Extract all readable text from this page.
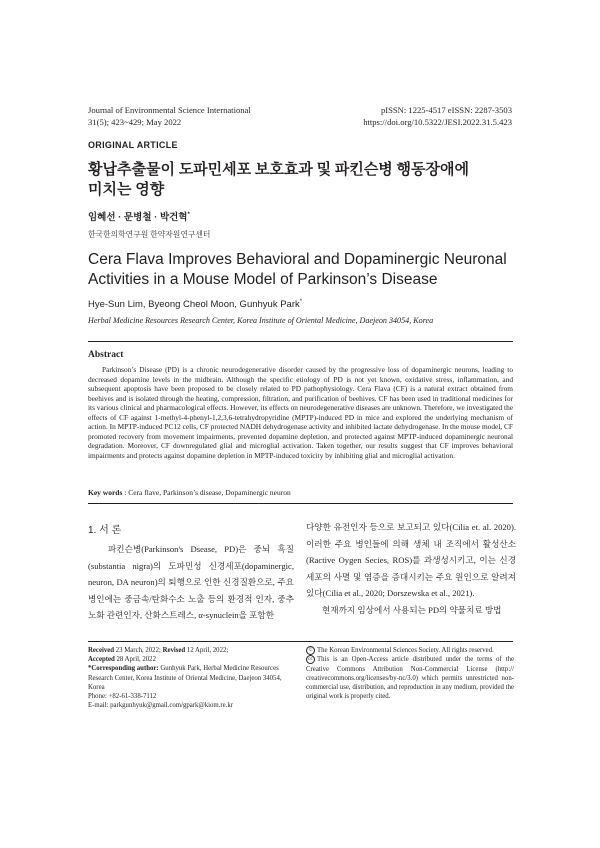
Journal of Environmental Science International
31(5); 423~429; May 2022
pISSN: 1225-4517 eISSN: 2287-3503
https://doi.org/10.5322/JESI.2022.31.5.423
ORIGINAL ARTICLE
황납추출물이 도파민세포 보호효과 및 파킨슨병 행동장애에
미치는 영향
임혜선 · 문병철 · 박건혁*
한국한의학연구원 한약자원연구센터
Cera Flava Improves Behavioral and Dopaminergic Neuronal
Activities in a Mouse Model of Parkinson’s Disease
Hye-Sun Lim, Byeong Cheol Moon, Gunhyuk Park*
Herbal Medicine Resources Research Center, Korea Institute of Oriental Medicine, Daejeon 34054, Korea
Abstract
Parkinson’s Disease (PD) is a chronic neurodegenerative disorder caused by the progressive loss of dopaminergic neurons, leading to decreased dopamine levels in the midbrain. Although the specific etiology of PD is not yet known, oxidative stress, inflammation, and subsequent apoptosis have been proposed to be closely related to PD pathophysiology. Cera Flava (CF) is a natural extract obtained from beehives and is isolated through the heating, compression, filtration, and purification of beehives. CF has been used in traditional medicines for its various clinical and pharmacological effects. However, its effects on neurodegenerative diseases are unknown. Therefore, we investigated the effects of CF against 1-methyl-4-phenyl-1,2,3,6-tetrahydropyridine (MPTP)-induced PD in mice and explored the underlying mechanism of action. In MPTP-induced PC12 cells, CF protected NADH dehydrogenase activity and inhibited lactate dehydrogenase. In the mouse model, CF promoted recovery from movement impairments, prevented dopamine depletion, and protected against MPTP-induced dopaminergic neuronal degradation. Moreover, CF downregulated glial and microglial activation. Taken together, our results suggest that CF improves behavioral impairments and protects against dopamine depletion in MPTP-induced toxicity by inhibiting glial and microglial activation.
Key words : Cera flave, Parkinson’s disease, Dopaminergic neuron
1. 서 론
파킨슨병(Parkinson's Dsease, PD)은 중뇌 흑질(substantia nigra)의 도파민성 신경세포(dopaminergic, neuron, DA neuron)의 퇴행으로 인한 신경질환으로, 주요 병인에는 중금속/탄화수소 노출 등의 환경적 인자, 중추 노화 관련인자, 산화스트레스, α-synuclein을 포함한
다양한 유전인자 등으로 보고되고 있다(Cilia et. al. 2020). 이러한 주요 병인들에 의해 생체 내 조직에서 활성산소(Ractive Oygen Secies, ROS)를 과생성시키고, 이는 신경세포의 사멸 및 염증을 증대시키는 주요 원인으로 알려져 있다(Cilia et al., 2020; Dorszewska et al., 2021).
현재까지 임상에서 사용되는 PD의 약물치료 방법
Received 23 March, 2022; Revised 12 April, 2022;
Accepted 28 April, 2022
*Corresponding author: Gunhyuk Park, Herbal Medicine Resources Research Center, Korea Institute of Oriental Medicine, Daejeon 34054, Korea
Phone: +82-61-338-7112
E-mail: parkgunhyuk@gmail.com/gpark@kiom.re.kr
© The Korean Environmental Sciences Society. All rights reserved.
cc This is an Open-Access article distributed under the terms of the Creative Commons Attribution Non-Commercial License (http:// creativecommons.org/licenses/by-nc/3.0) which permits unrestricted non-commercial use, distribution, and reproduction in any medium, provided the original work is properly cited.
